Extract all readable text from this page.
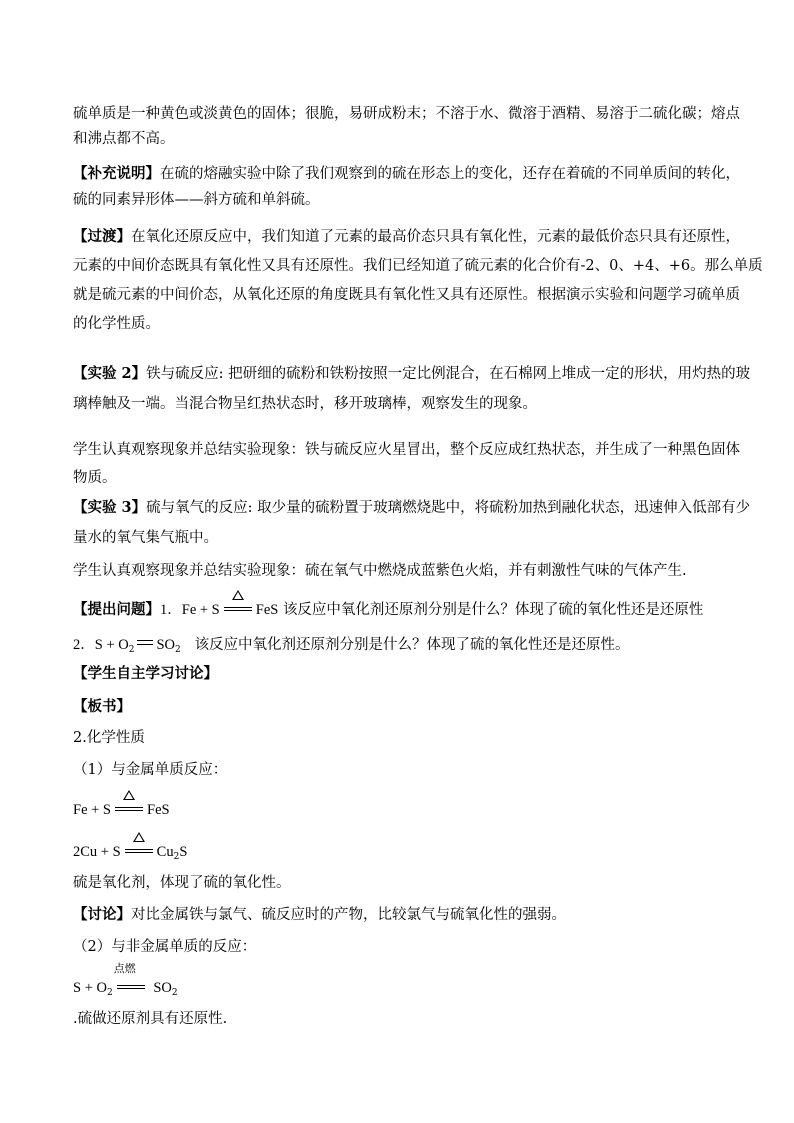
硫单质是一种黄色或淡黄色的固体；很脆，易研成粉末；不溶于水、微溶于酒精、易溶于二硫化碳；熔点
和沸点都不高。
【补充说明】在硫的熔融实验中除了我们观察到的硫在形态上的变化，还存在着硫的不同单质间的转化，
硫的同素异形体——斜方硫和单斜硫。
【过渡】在氧化还原反应中，我们知道了元素的最高价态只具有氧化性，元素的最低价态只具有还原性，
元素的中间价态既具有氧化性又具有还原性。我们已经知道了硫元素的化合价有-2、0、+4、+6。那么单质
就是硫元素的中间价态，从氧化还原的角度既具有氧化性又具有还原性。根据演示实验和问题学习硫单质
的化学性质。
【实验 2】铁与硫反应: 把研细的硫粉和铁粉按照一定比例混合，在石棉网上堆成一定的形状，用灼热的玻
璃棒触及一端。当混合物呈红热状态时，移开玻璃棒，观察发生的现象。
学生认真观察现象并总结实验现象：铁与硫反应火星冒出，整个反应成红热状态，并生成了一种黑色固体
物质。
【实验 3】硫与氧气的反应: 取少量的硫粉置于玻璃燃烧匙中，将硫粉加热到融化状态，迅速伸入低部有少
量水的氧气集气瓶中。
学生认真观察现象并总结实验现象：硫在氧气中燃烧成蓝紫色火焰，并有刺激性气味的气体产生.
【提出问题】1．Fe + S FeS 该反应中氧化剂还原剂分别是什么？体现了硫的氧化性还是还原性
2．$S + O_2$ $SO_2$ 该反应中氧化剂还原剂分别是什么？体现了硫的氧化性还是还原性。
【学生自主学习讨论】
【板书】
2.化学性质
（1）与金属单质反应：
Fe + S FeS
2Cu + S $Cu_2S$
硫是氧化剂，体现了硫的氧化性。
【讨论】对比金属铁与氯气、硫反应时的产物，比较氯气与硫氧化性的强弱。
（2）与非金属单质的反应：
$S + O_2$
点燃
$SO_2$
.硫做还原剂具有还原性.
